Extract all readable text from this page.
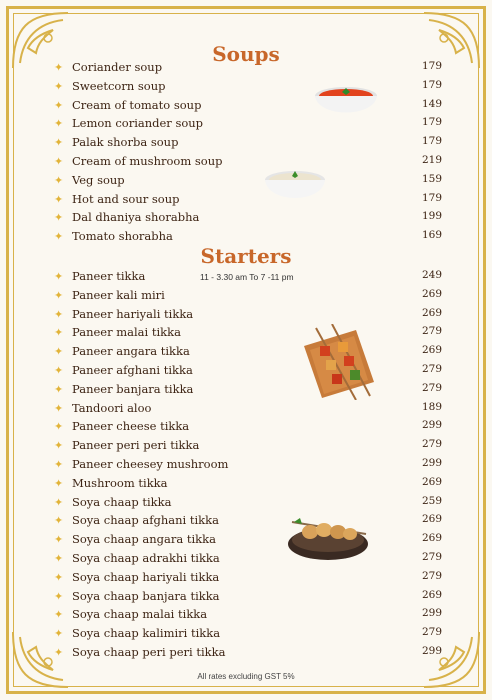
Soups
✦ Coriander soup	179
✦ Sweetcorn soup	179
✦ Cream of tomato soup	149
✦ Lemon coriander soup	179
✦ Palak shorba soup	179
✦ Cream of mushroom soup	219
✦ Veg soup	159
✦ Hot and sour soup	179
✦ Dal dhaniya shorabha	199
✦ Tomato shorabha	169
Starters
11 - 3.30 am To 7 -11 pm
✦ Paneer tikka	249
✦ Paneer kali miri	269
✦ Paneer hariyali tikka	269
✦ Paneer malai tikka	279
✦ Paneer angara tikka	269
✦ Paneer afghani tikka	279
✦ Paneer banjara tikka	279
✦ Tandoori aloo	189
✦ Paneer cheese tikka	299
✦ Paneer peri peri tikka	279
✦ Paneer cheesey mushroom	299
✦ Mushroom tikka	269
✦ Soya chaap tikka	259
✦ Soya chaap afghani tikka	269
✦ Soya chaap angara tikka	269
✦ Soya chaap adrakhi tikka	279
✦ Soya chaap hariyali tikka	279
✦ Soya chaap banjara tikka	269
✦ Soya chaap malai tikka	299
✦ Soya chaap kalimiri tikka	279
✦ Soya chaap peri peri tikka	299
All rates excluding GST 5%
